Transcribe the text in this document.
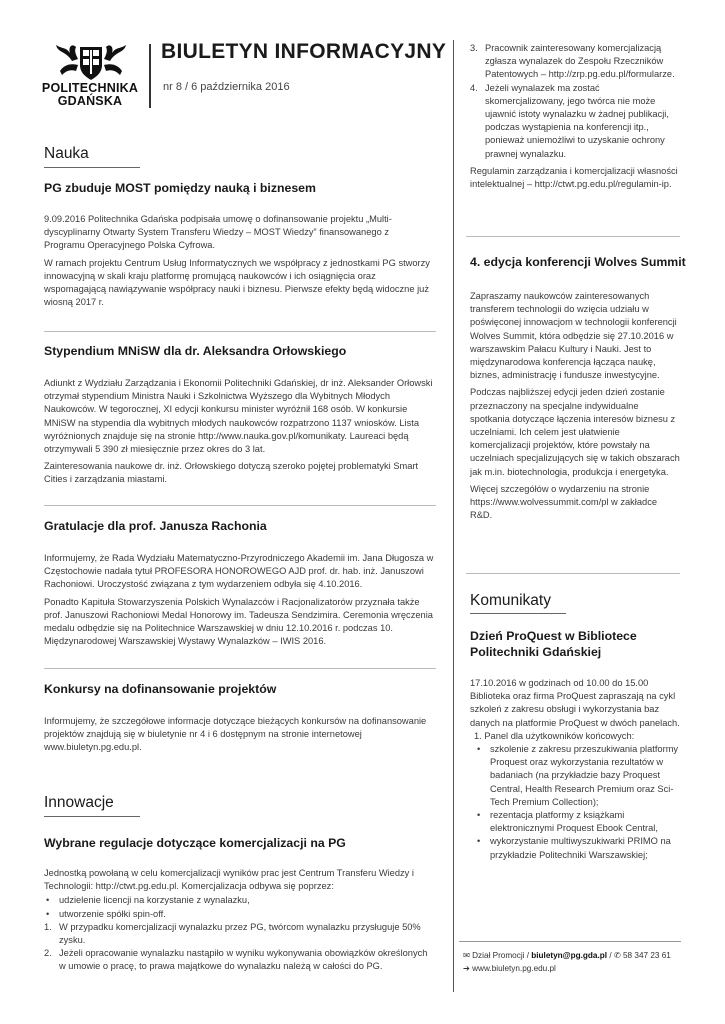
POLITECHNIKA
GDAŃSKA
BIULETYN INFORMACYJNY
nr 8 / 6 października 2016
Nauka
PG zbuduje MOST pomiędzy nauką i biznesem

9.09.2016 Politechnika Gdańska podpisała umowę o dofinansowanie projektu „Multi-dyscyplinarny Otwarty System Transferu Wiedzy – MOST Wiedzy” finansowanego z Programu Operacyjnego Polska Cyfrowa.

W ramach projektu Centrum Usług Informatycznych we współpracy z jednostkami PG stworzy innowacyjną w skali kraju platformę promującą naukowców i ich osiągnięcia oraz wspomagającą nawiązywanie współpracy nauki i biznesu. Pierwsze efekty będą widoczne już wiosną 2017 r.

Stypendium MNiSW dla dr. Aleksandra Orłowskiego

Adiunkt z Wydziału Zarządzania i Ekonomii Politechniki Gdańskiej, dr inż. Aleksander Orłowski otrzymał stypendium Ministra Nauki i Szkolnictwa Wyższego dla Wybitnych Młodych Naukowców. W tegorocznej, XI edycji konkursu minister wyróżnił 168 osób. W konkursie MNiSW na stypendia dla wybitnych młodych naukowców rozpatrzono 1137 wniosków. Lista wyróżnionych znajduje się na stronie http://www.nauka.gov.pl/komunikaty. Laureaci będą otrzymywali 5 390 zł miesięcznie przez okres do 3 lat.

Zainteresowania naukowe dr. inż. Orłowskiego dotyczą szeroko pojętej problematyki Smart Cities i zarządzania miastami.

Gratulacje dla prof. Janusza Rachonia

Informujemy, że Rada Wydziału Matematyczno-Przyrodniczego Akademii im. Jana Długosza w Częstochowie nadała tytuł PROFESORA HONOROWEGO AJD prof. dr. hab. inż. Januszowi Rachoniowi. Uroczystość związana z tym wydarzeniem odbyła się 4.10.2016.

Ponadto Kapituła Stowarzyszenia Polskich Wynalazców i Racjonalizatorów przyznała także prof. Januszowi Rachoniowi Medal Honorowy im. Tadeusza Sendzimira. Ceremonia wręczenia medalu odbędzie się na Politechnice Warszawskiej w dniu 12.10.2016 r. podczas 10. Międzynarodowej Warszawskiej Wystawy Wynalazków – IWIS 2016.

Konkursy na dofinansowanie projektów

Informujemy, że szczegółowe informacje dotyczące bieżących konkursów na dofinansowanie projektów znajdują się w biuletynie nr 4 i 6 dostępnym na stronie internetowej www.biuletyn.pg.edu.pl.

Innowacje
Wybrane regulacje dotyczące komercjalizacji na PG

Jednostką powołaną w celu komercjalizacji wyników prac jest Centrum Transferu Wiedzy i Technologii: http://ctwt.pg.edu.pl. Komercjalizacja odbywa się poprzez:

• udzielenie licencji na korzystanie z wynalazku,
• utworzenie spółki spin-off.
1. W przypadku komercjalizacji wynalazku przez PG, twórcom wynalazku przysługuje 50% zysku.
2. Jeżeli opracowanie wynalazku nastąpiło w wyniku wykonywania obowiązków określonych w umowie o pracę, to prawa majątkowe do wynalazku należą w całości do PG.
3. Pracownik zainteresowany komercjalizacją zgłasza wynalazek do Zespołu Rzeczników Patentowych – http://zrp.pg.edu.pl/formularze.
4. Jeżeli wynalazek ma zostać skomercjalizowany, jego twórca nie może ujawnić istoty wynalazku w żadnej publikacji, podczas wystąpienia na konferencji itp., ponieważ uniemożliwi to uzyskanie ochrony prawnej wynalazku.

Regulamin zarządzania i komercjalizacji własności intelektualnej – http://ctwt.pg.edu.pl/regulamin-ip.

4. edycja konferencji Wolves Summit

Zapraszamy naukowców zainteresowanych transferem technologii do wzięcia udziału w poświęconej innowacjom w technologii konferencji Wolves Summit, która odbędzie się 27.10.2016 w warszawskim Pałacu Kultury i Nauki. Jest to międzynarodowa konferencja łącząca naukę, biznes, administrację i fundusze inwestycyjne.

Podczas najbliższej edycji jeden dzień zostanie przeznaczony na specjalne indywidualne spotkania dotyczące łączenia interesów biznesu z uczelniami. Ich celem jest ułatwienie komercjalizacji projektów, które powstały na uczelniach specjalizujących się w takich obszarach jak m.in. biotechnologia, produkcja i energetyka.

Więcej szczegółów o wydarzeniu na stronie https://www.wolvessummit.com/pl w zakładce R&D.

Komunikaty
Dzień ProQuest w Bibliotece Politechniki Gdańskiej

17.10.2016 w godzinach od 10.00 do 15.00 Biblioteka oraz firma ProQuest zapraszają na cykl szkoleń z zakresu obsługi i wykorzystania baz danych na platformie ProQuest w dwóch panelach.

1. Panel dla użytkowników końcowych:
• szkolenie z zakresu przeszukiwania platformy Proquest oraz wykorzystania rezultatów w badaniach (na przykładzie bazy Proquest Central, Health Research Premium oraz Sci-Tech Premium Collection);
• rezentacja platformy z książkami elektronicznymi Proquest Ebook Central,
• wykorzystanie multiwyszukiwarki PRIMO na przykładzie Politechniki Warszawskiej;
✉ Dział Promocji / biuletyn@pg.gda.pl / ✆ 58 347 23 61
➔ www.biuletyn.pg.edu.pl
